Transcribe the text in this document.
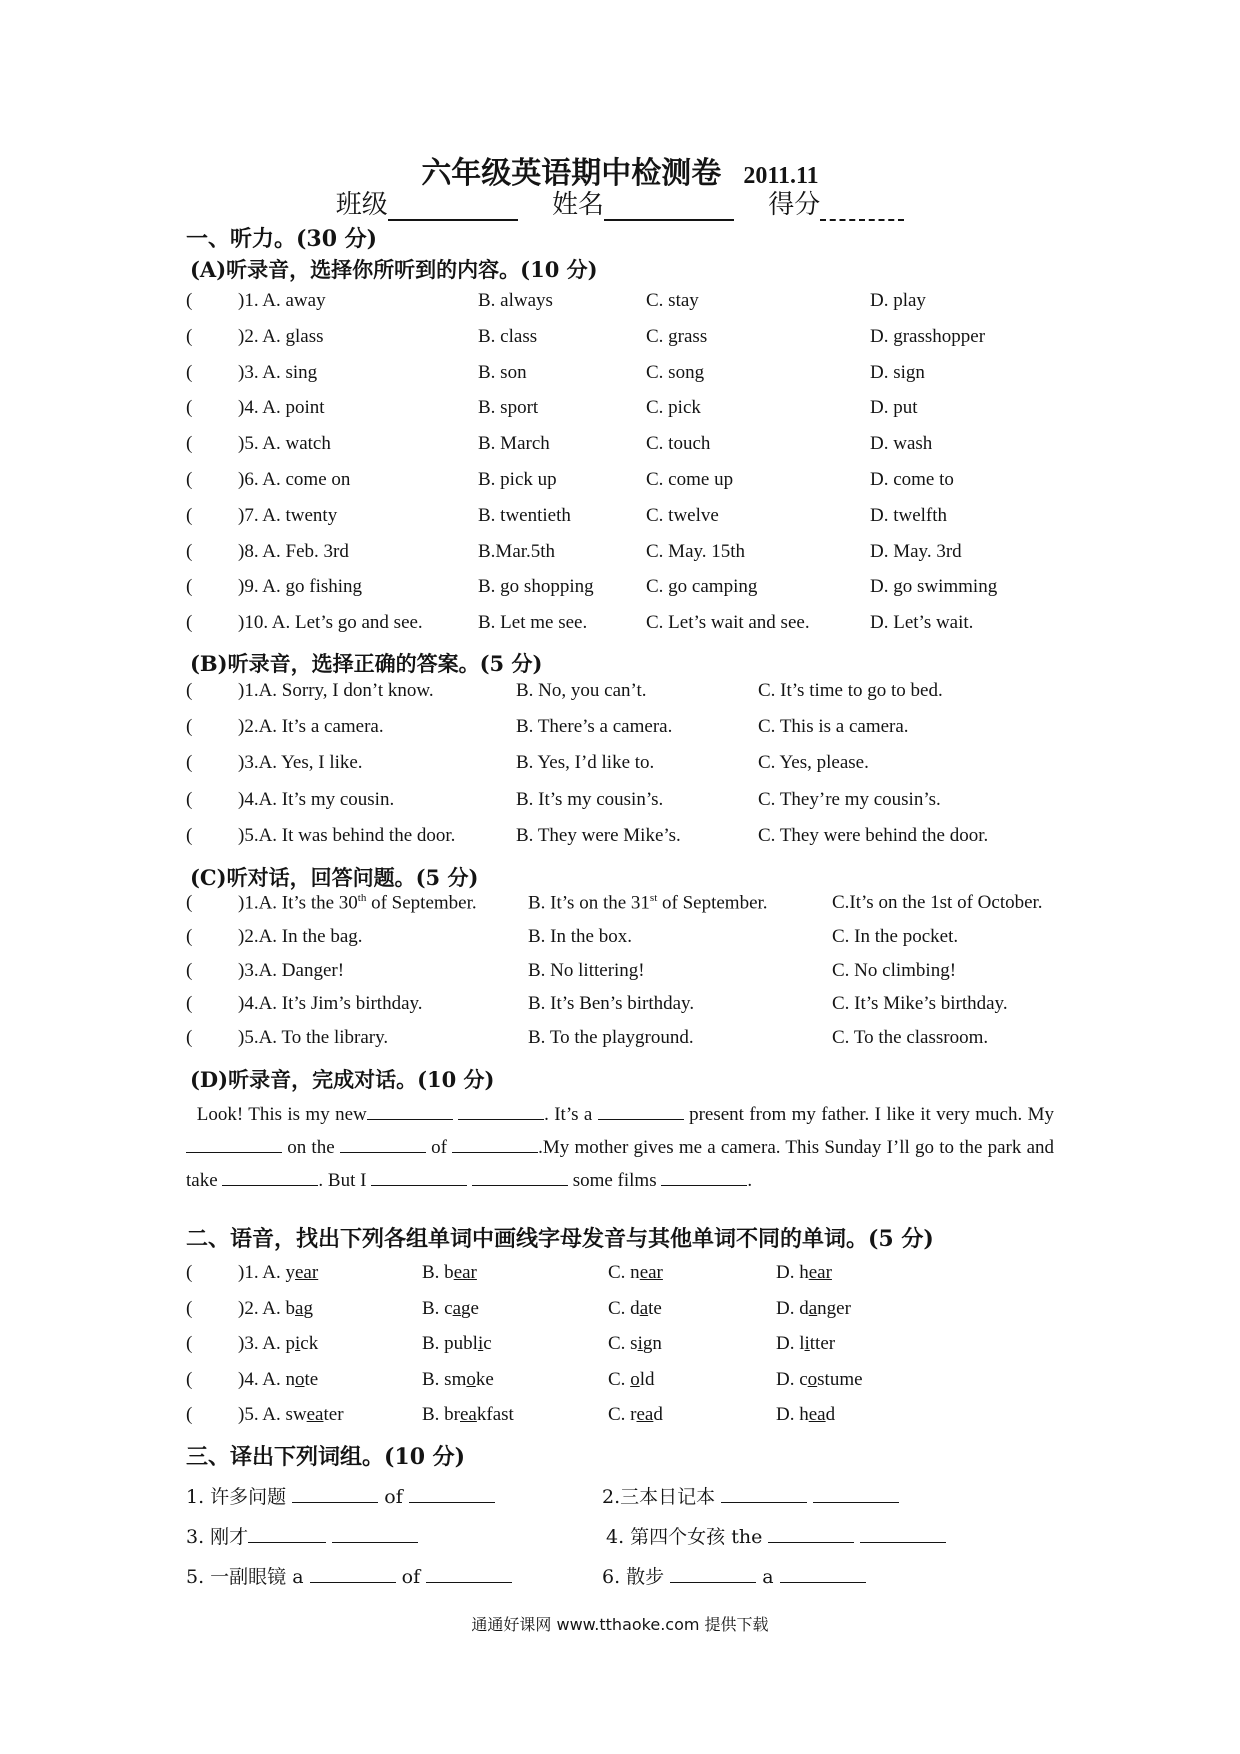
六年级英语期中检测卷 2011.11
班级	姓名	得分
一、听力。(30 分)
(A)听录音，选择你所听到的内容。(10 分)
( )1. A. away	B. always	C. stay	D. play
( )2. A. glass	B. class	C. grass	D. grasshopper
( )3. A. sing	B. son	C. song	D. sign
( )4. A. point	B. sport	C. pick	D. put
( )5. A. watch	B. March	C. touch	D. wash
( )6. A. come on	B. pick up	C. come up	D. come to
( )7. A. twenty	B. twentieth	C. twelve	D. twelfth
( )8. A. Feb. 3rd	B.Mar.5th	C. May. 15th	D. May. 3rd
( )9. A. go fishing	B. go shopping	C. go camping	D. go swimming
( )10. A. Let’s go and see.	B. Let me see.	C. Let’s wait and see.	D. Let’s wait.
(B)听录音，选择正确的答案。(5 分)
( )1.A. Sorry, I don’t know.	B. No, you can’t.	C. It’s time to go to bed.
( )2.A. It’s a camera.	B. There’s a camera.	C. This is a camera.
( )3.A. Yes, I like.	B. Yes, I’d like to.	C. Yes, please.
( )4.A. It’s my cousin.	B. It’s my cousin’s.	C. They’re my cousin’s.
( )5.A. It was behind the door.	B. They were Mike’s.	C. They were behind the door.
(C)听对话，回答问题。(5 分)
( )1.A. It’s the 30th of September.	B. It’s on the 31st of September.	C.It’s on the 1st of October.
( )2.A. In the bag.	B. In the box.	C. In the pocket.
( )3.A. Danger!	B. No littering!	C. No climbing!
( )4.A. It’s Jim’s birthday.	B. It’s Ben’s birthday.	C. It’s Mike’s birthday.
( )5.A. To the library.	B. To the playground.	C. To the classroom.
(D)听录音，完成对话。(10 分)
Look! This is my new	. It’s a	present from my father. I like it very much. My  on the	of	.My mother gives me a camera. This Sunday I’ll go to the park and take	. But I	some films	.
二、语音，找出下列各组单词中画线字母发音与其他单词不同的单词。(5 分)
( )1. A. year	B. bear	C. near	D. hear
( )2. A. bag	B. cage	C. date	D. danger
( )3. A. pick	B. public	C. sign	D. litter
( )4. A. note	B. smoke	C. old	D. costume
( )5. A. sweater	B. breakfast	C. read	D. head
三、译出下列词组。(10 分)
1. 许多问题	of	2.三本日记本
3. 刚才	4. 第四个女孩 the
5. 一副眼镜 a	of	6. 散步	a
通通好课网 www.tthaoke.com 提供下载
